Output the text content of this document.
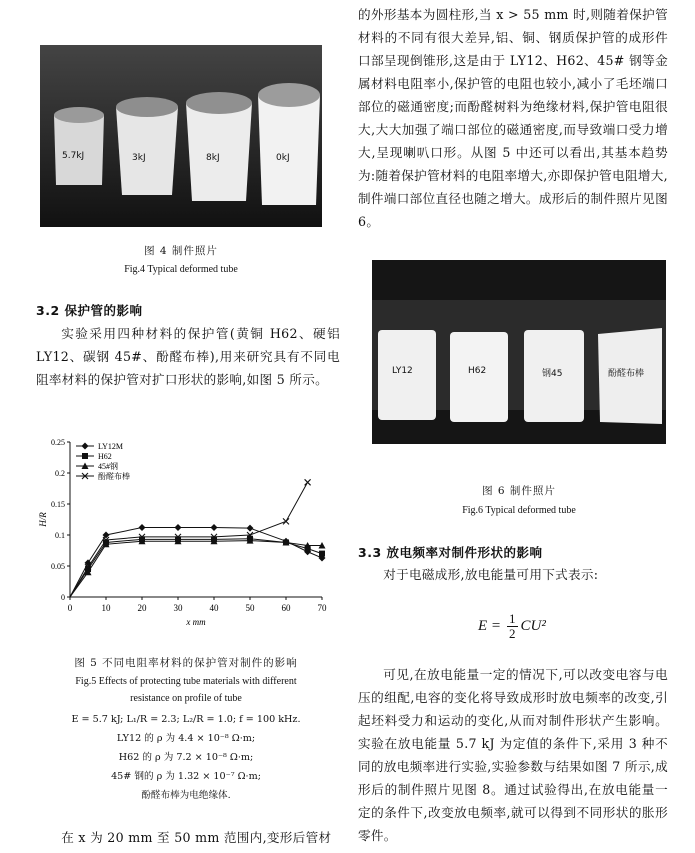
5.7kJ	3kJ	8kJ	0kJ
图 4 制件照片
Fig.4 Typical deformed tube
3.2 保护管的影响

实验采用四种材料的保护管(黄铜 H62、硬铝 LY12、碳钢 45#、酚醛布棒),用来研究具有不同电阻率材料的保护管对扩口形状的影响,如图 5 所示。

0	10	20	30	40	50	60	70
0
0.05
0.1
0.15
0.2
0.25
x mm
H/R
LY12M
H62
45#钢
酚醛布棒
图 5 不同电阻率材料的保护管对制件的影响
Fig.5 Effects of protecting tube materials with different
resistance on profile of tube
E = 5.7 kJ; L₁/R = 2.3; L₂/R = 1.0; f = 100 kHz.
LY12 的 ρ 为 4.4 × 10⁻⁸ Ω·m;
H62 的 ρ 为 7.2 × 10⁻⁸ Ω·m;
45# 钢的 ρ 为 1.32 × 10⁻⁷ Ω·m;
酚醛布棒为电绝缘体.

在 x 为 20 mm 至 50 mm 范围内,变形后管材

的外形基本为圆柱形,当 x > 55 mm 时,则随着保护管材料的不同有很大差异,铝、铜、钢质保护管的成形件口部呈现倒锥形,这是由于 LY12、H62、45# 钢等金属材料电阻率小,保护管的电阻也较小,减小了毛坯端口部位的磁通密度;而酚醛树料为绝缘材料,保护管电阻很大,大大加强了端口部位的磁通密度,而导致端口受力增大,呈现喇叭口形。从图 5 中还可以看出,其基本趋势为:随着保护管材料的电阻率增大,亦即保护管电阻增大,制件端口部位直径也随之增大。成形后的制件照片见图 6。

LY12	H62	钢45	酚醛布棒
图 6 制件照片
Fig.6 Typical deformed tube
3.3 放电频率对制件形状的影响

对于电磁成形,放电能量可用下式表示:

$E = \frac{1}{2} CU^2$

可见,在放电能量一定的情况下,可以改变电容与电压的组配,电容的变化将导致成形时放电频率的改变,引起坯料受力和运动的变化,从而对制件形状产生影响。实验在放电能量 5.7 kJ 为定值的条件下,采用 3 种不同的放电频率进行实验,实验参数与结果如图 7 所示,成形后的制件照片见图 8。通过试验得出,在放电能量一定的条件下,改变放电频率,就可以得到不同形状的胀形零件。
